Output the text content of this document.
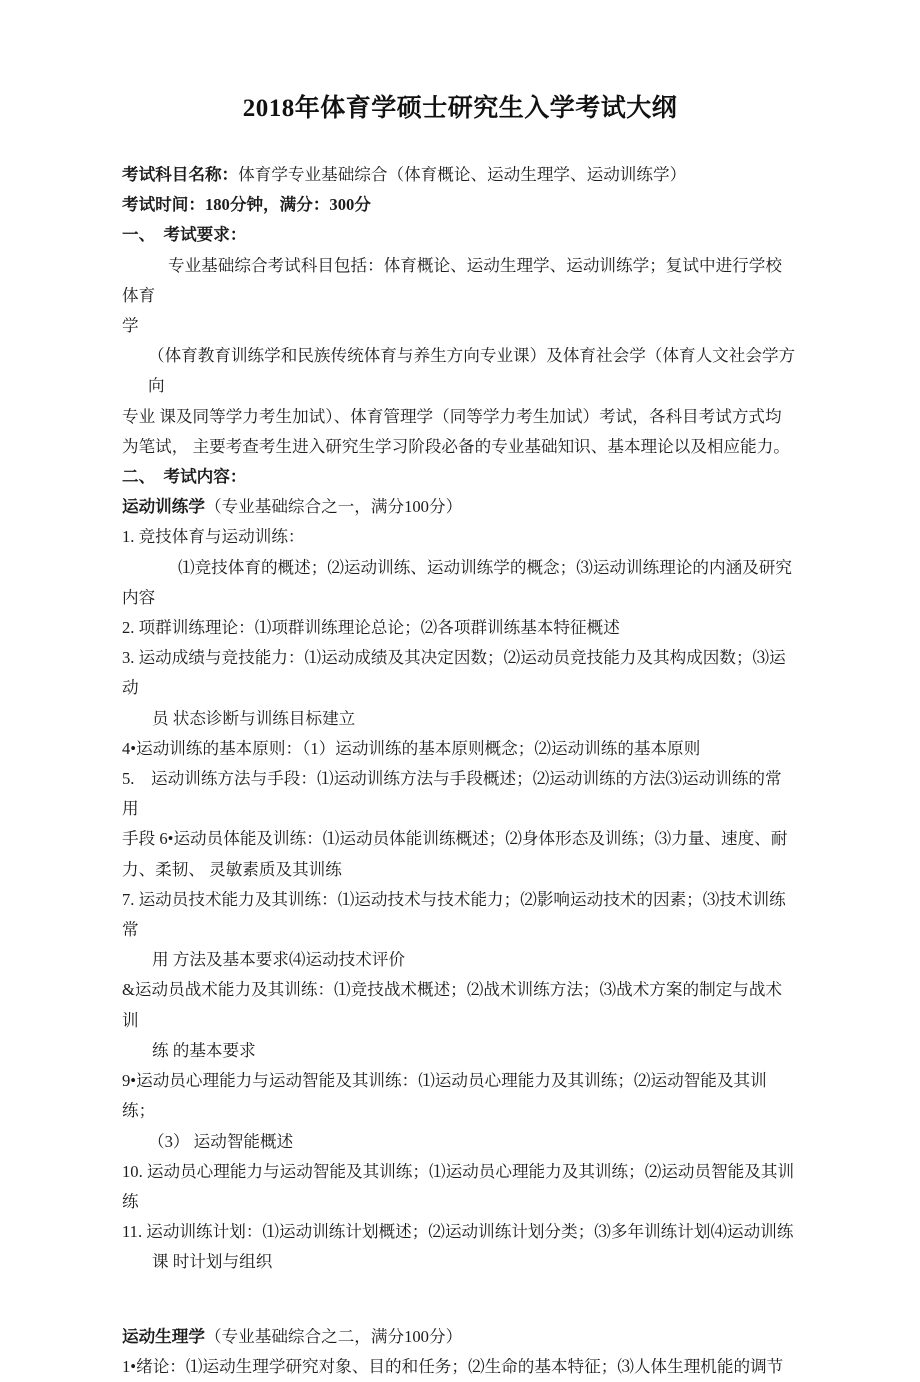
2018年体育学硕士研究生入学考试大纲

考试科目名称：体育学专业基础综合（体育概论、运动生理学、运动训练学）

考试时间：180分钟，满分：300分

一、  考试要求：

专业基础综合考试科目包括：体育概论、运动生理学、运动训练学；复试中进行学校体育

学

（体育教育训练学和民族传统体育与养生方向专业课）及体育社会学（体育人文社会学方向

专业 课及同等学力考生加试）、体育管理学（同等学力考生加试）考试，各科目考试方式均

为笔试， 主要考查考生进入研究生学习阶段必备的专业基础知识、基本理论以及相应能力。

二、  考试内容：

运动训练学（专业基础综合之一，满分100分）

1. 竞技体育与运动训练：

⑴竞技体育的概述；⑵运动训练、运动训练学的概念；⑶运动训练理论的内涵及研究内容

2. 项群训练理论：⑴项群训练理论总论；⑵各项群训练基本特征概述

3. 运动成绩与竞技能力：⑴运动成绩及其决定因数；⑵运动员竞技能力及其构成因数；⑶运动

员 状态诊断与训练目标建立

4•运动训练的基本原则：（1）运动训练的基本原则概念；⑵运动训练的基本原则

5.    运动训练方法与手段：⑴运动训练方法与手段概述；⑵运动训练的方法⑶运动训练的常用

手段 6•运动员体能及训练：⑴运动员体能训练概述；⑵身体形态及训练；⑶力量、速度、耐

力、柔韧、 灵敏素质及其训练

7. 运动员技术能力及其训练：⑴运动技术与技术能力；⑵影响运动技术的因素；⑶技术训练常

用 方法及基本要求⑷运动技术评价

&运动员战术能力及其训练：⑴竞技战术概述；⑵战术训练方法；⑶战术方案的制定与战术训

练 的基本要求

9•运动员心理能力与运动智能及其训练：⑴运动员心理能力及其训练；⑵运动智能及其训练；

（3） 运动智能概述

10. 运动员心理能力与运动智能及其训练；⑴运动员心理能力及其训练；⑵运动员智能及其训

练

11. 运动训练计划：⑴运动训练计划概述；⑵运动训练计划分类；⑶多年训练计划⑷运动训练

课 时计划与组织

运动生理学（专业基础综合之二，满分100分）

1•绪论：⑴运动生理学研究对象、目的和任务；⑵生命的基本特征；⑶人体生理机能的调节
